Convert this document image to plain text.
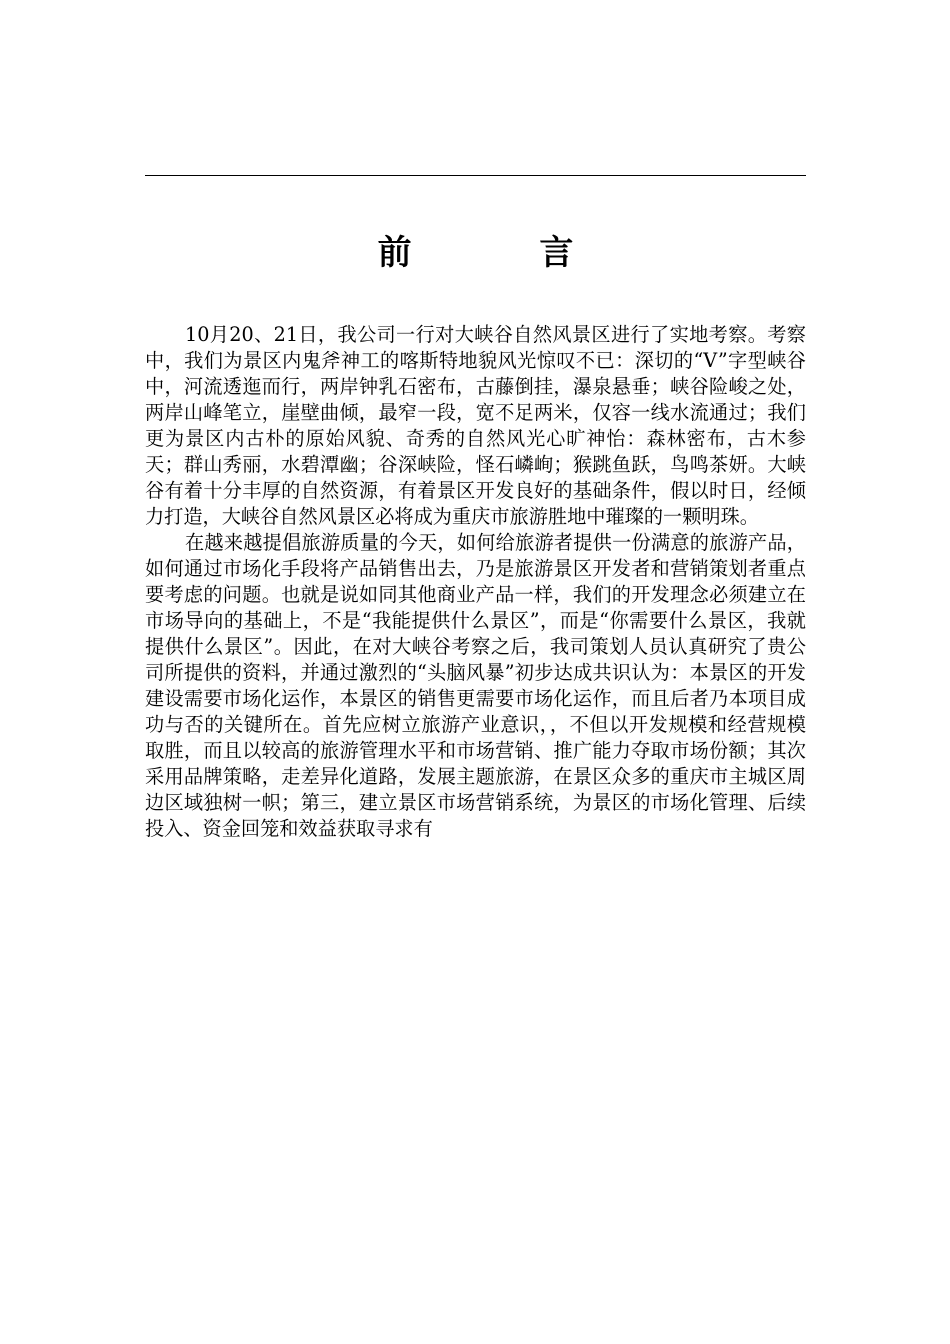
前 言

10月20、21日，我公司一行对大峡谷自然风景区进行了实地考察。考察中，我们为景区内鬼斧神工的喀斯特地貌风光惊叹不已：深切的“V”字型峡谷中，河流透迤而行，两岸钟乳石密布，古藤倒挂，瀑泉悬垂；峡谷险峻之处，两岸山峰笔立，崖壁曲倾，最窄一段，宽不足两米，仅容一线水流通过；我们更为景区内古朴的原始风貌、奇秀的自然风光心旷神怡：森林密布，古木参天；群山秀丽，水碧潭幽；谷深峡险，怪石嶙峋；猴跳鱼跃，鸟鸣茶妍。大峡谷有着十分丰厚的自然资源，有着景区开发良好的基础条件，假以时日，经倾力打造，大峡谷自然风景区必将成为重庆市旅游胜地中璀璨的一颗明珠。

在越来越提倡旅游质量的今天，如何给旅游者提供一份满意的旅游产品，如何通过市场化手段将产品销售出去，乃是旅游景区开发者和营销策划者重点要考虑的问题。也就是说如同其他商业产品一样，我们的开发理念必须建立在市场导向的基础上，不是“我能提供什么景区”，而是“你需要什么景区，我就提供什么景区”。因此，在对大峡谷考察之后，我司策划人员认真研究了贵公司所提供的资料，并通过激烈的“头脑风暴”初步达成共识认为：本景区的开发建设需要市场化运作，本景区的销售更需要市场化运作，而且后者乃本项目成功与否的关键所在。首先应树立旅游产业意识，，不但以开发规模和经营规模取胜，而且以较高的旅游管理水平和市场营销、推广能力夺取市场份额；其次采用品牌策略，走差异化道路，发展主题旅游，在景区众多的重庆市主城区周边区域独树一帜；第三，建立景区市场营销系统，为景区的市场化管理、后续投入、资金回笼和效益获取寻求有
